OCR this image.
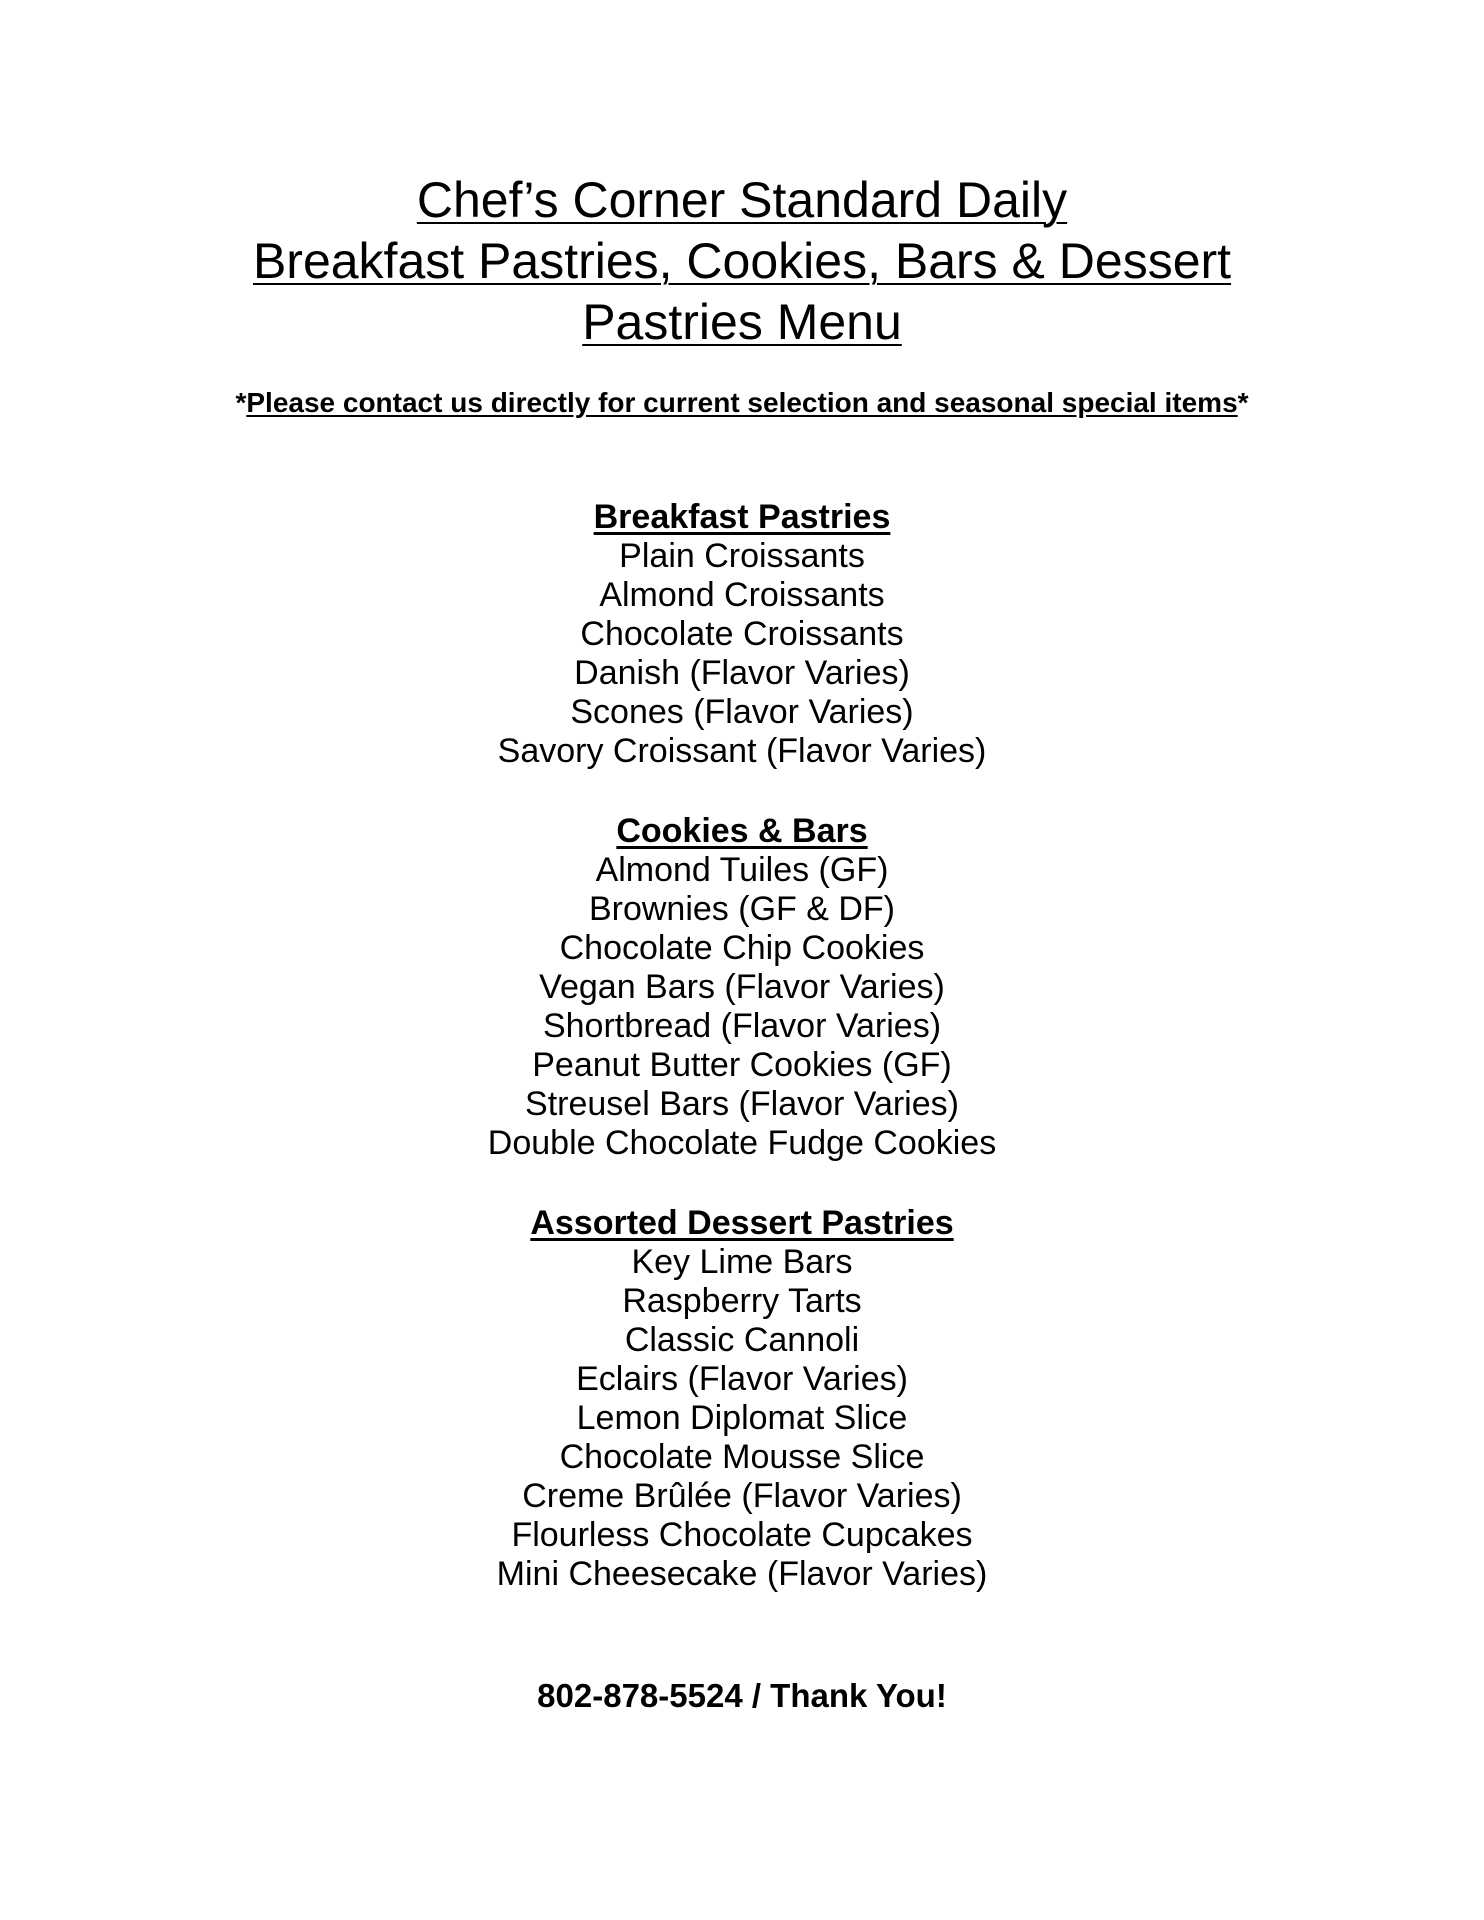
Chef’s Corner Standard Daily
Breakfast Pastries, Cookies, Bars & Dessert
Pastries Menu
*Please contact us directly for current selection and seasonal special items*
Breakfast Pastries
Plain Croissants
Almond Croissants
Chocolate Croissants
Danish (Flavor Varies)
Scones (Flavor Varies)
Savory Croissant (Flavor Varies)
Cookies & Bars
Almond Tuiles (GF)
Brownies (GF & DF)
Chocolate Chip Cookies
Vegan Bars (Flavor Varies)
Shortbread (Flavor Varies)
Peanut Butter Cookies (GF)
Streusel Bars (Flavor Varies)
Double Chocolate Fudge Cookies
Assorted Dessert Pastries
Key Lime Bars
Raspberry Tarts
Classic Cannoli
Eclairs (Flavor Varies)
Lemon Diplomat Slice
Chocolate Mousse Slice
Creme Brûlée (Flavor Varies)
Flourless Chocolate Cupcakes
Mini Cheesecake (Flavor Varies)
802-878-5524 / Thank You!
